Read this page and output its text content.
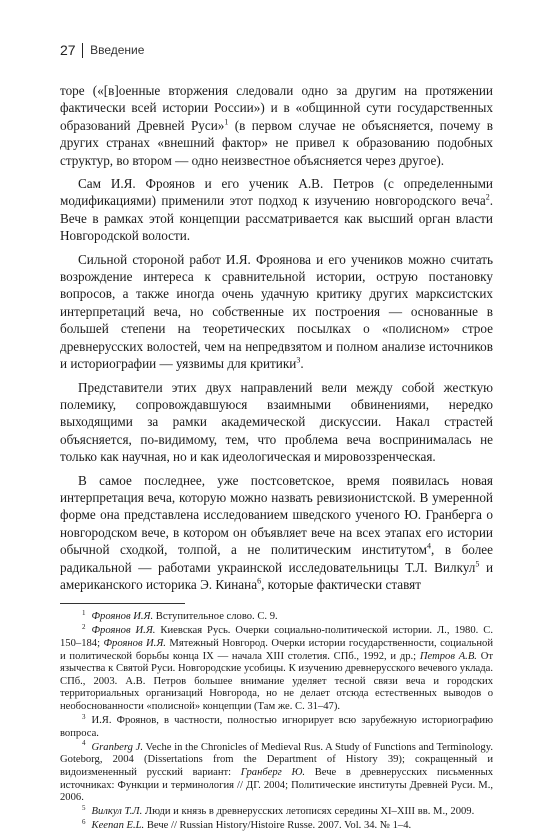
27 Введение

торе («[в]оенные вторжения следовали одно за другим на протяжении фактически всей истории России») и в «общинной сути государственных образований Древней Руси»$^1$ (в первом случае не объясняется, почему в других странах «внешний фактор» не привел к образованию подобных структур, во втором — одно неизвестное объясняется через другое).

Сам И.Я. Фроянов и его ученик А.В. Петров (с определенными модификациями) применили этот подход к изучению новгородского веча$^2$. Вече в рамках этой концепции рассматривается как высший орган власти Новгородской волости.

Сильной стороной работ И.Я. Фроянова и его учеников можно считать возрождение интереса к сравнительной истории, острую постановку вопросов, а также иногда очень удачную критику других марксистских интерпретаций веча, но собственные их построения — основанные в большей степени на теоретических посылках о «полисном» строе древнерусских волостей, чем на непредвзятом и полном анализе источников и историографии — уязвимы для критики$^3$.

Представители этих двух направлений вели между собой жесткую полемику, сопровождавшуюся взаимными обвинениями, нередко выходящими за рамки академической дискуссии. Накал страстей объясняется, по-видимому, тем, что проблема веча воспринималась не только как научная, но и как идеологическая и мировоззренческая.

В самое последнее, уже постсоветское, время появилась новая интерпретация веча, которую можно назвать ревизионистской. В умеренной форме она представлена исследованием шведского ученого Ю. Гранберга о новгородском вече, в котором он объявляет вече на всех этапах его истории обычной сходкой, толпой, а не политическим институтом$^4$, в более радикальной — работами украинской исследовательницы Т.Л. Вилкул$^5$ и американского историка Э. Кинана$^6$, которые фактически ставят

$^1$ Фроянов И.Я. Вступительное слово. С. 9.

$^2$ Фроянов И.Я. Киевская Русь. Очерки социально-политической истории. Л., 1980. С. 150–184; Фроянов И.Я. Мятежный Новгород. Очерки истории государственности, социальной и политической борьбы конца IX — начала XIII столетия. СПб., 1992, и др.; Петров А.В. От язычества к Святой Руси. Новгородские усобицы. К изучению древнерусского вечевого уклада. СПб., 2003. А.В. Петров большее внимание уделяет тесной связи веча и городских территориальных организаций Новгорода, но не делает отсюда естественных выводов о необоснованности «полисной» концепции (Там же. С. 31–47).

$^3$ И.Я. Фроянов, в частности, полностью игнорирует всю зарубежную историографию вопроса.

$^4$ Granberg J. Veche in the Chronicles of Medieval Rus. A Study of Functions and Terminology. Goteborg, 2004 (Dissertations from the Department of History 39); сокращенный и видоизмененный русский вариант: Гранберг Ю. Вече в древнерусских письменных источниках: Функции и терминология // ДГ. 2004; Политические институты Древней Руси. М., 2006.

$^5$ Вилкул Т.Л. Люди и князь в древнерусских летописях середины XI–XIII вв. М., 2009.

$^6$ Keenan E.L. Вече // Russian History/Histoire Russe. 2007. Vol. 34. № 1–4.
